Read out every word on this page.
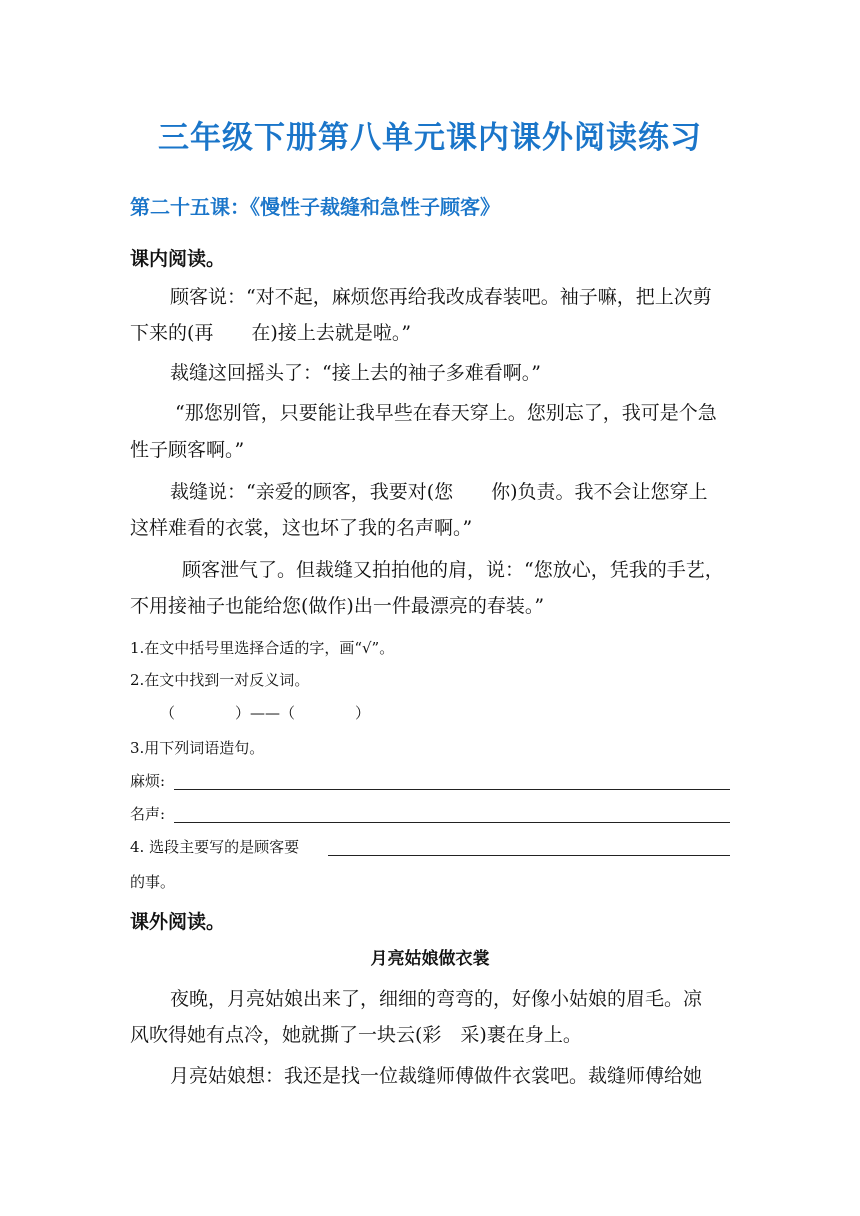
三年级下册第八单元课内课外阅读练习
第二十五课：《慢性子裁缝和急性子顾客》
课内阅读。
顾客说：“对不起，麻烦您再给我改成春装吧。袖子嘛，把上次剪
下来的(再　　在)接上去就是啦。”
裁缝这回摇头了：“接上去的袖子多难看啊。”
“那您别管，只要能让我早些在春天穿上。您别忘了，我可是个急
性子顾客啊。”
裁缝说：“亲爱的顾客，我要对(您　　你)负责。我不会让您穿上
这样难看的衣裳，这也坏了我的名声啊。”
顾客泄气了。但裁缝又拍拍他的肩，说：“您放心，凭我的手艺，
不用接袖子也能给您(做作)出一件最漂亮的春装。”
1.在文中括号里选择合适的字，画“√”。
2.在文中找到一对反义词。
（　　　　）——（　　　　）
3.用下列词语造句。
麻烦:
名声:
4. 选段主要写的是顾客要
的事。
课外阅读。
月亮姑娘做衣裳
夜晚，月亮姑娘出来了，细细的弯弯的，好像小姑娘的眉毛。凉
风吹得她有点冷，她就撕了一块云(彩　采)裹在身上。
月亮姑娘想：我还是找一位裁缝师傅做件衣裳吧。裁缝师傅给她
